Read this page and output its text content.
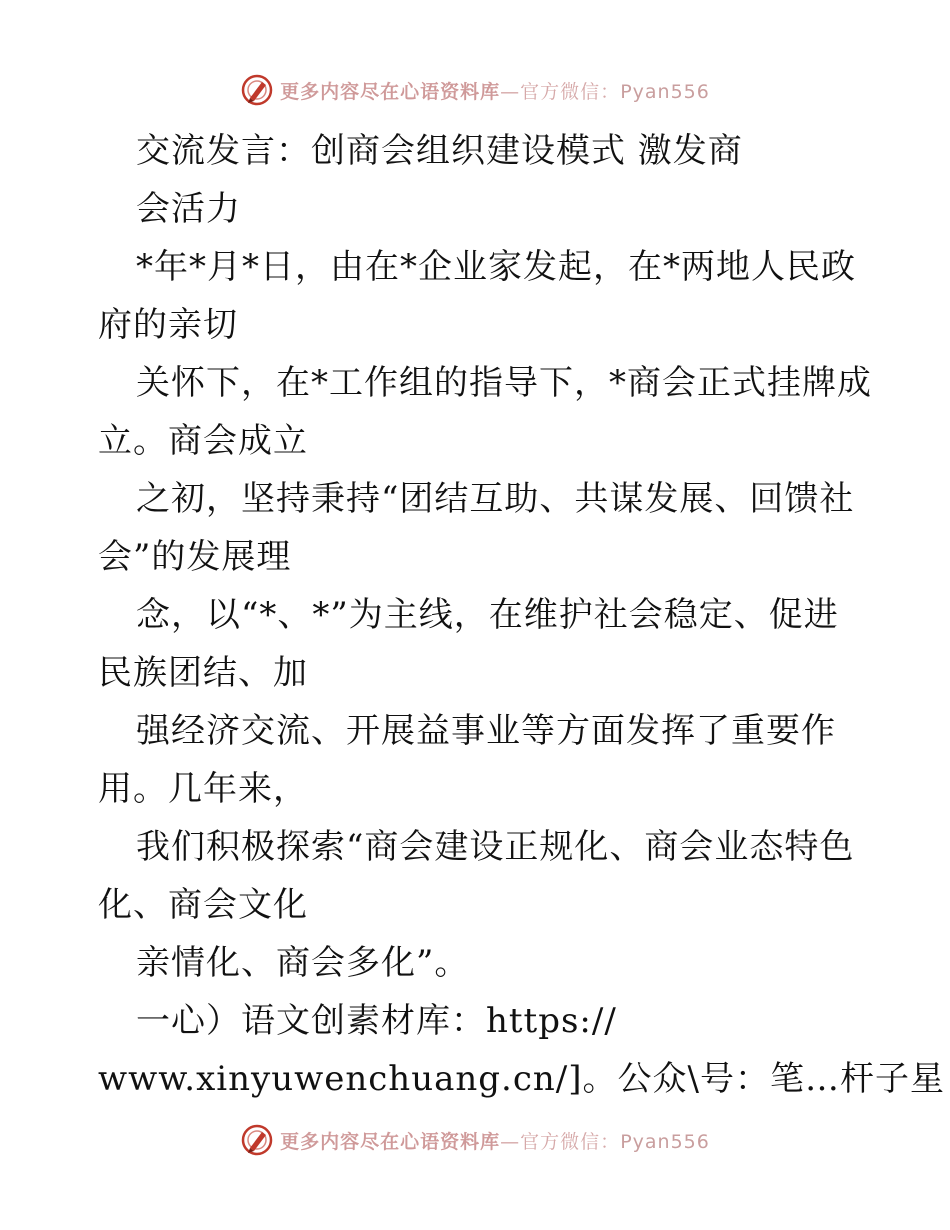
更多内容尽在心语资料库—官方微信：Pyan556
交流发言：创商会组织建设模式 激发商
会活力
*年*月*日，由在*企业家发起，在*两地人民政
府的亲切
关怀下，在*工作组的指导下，*商会正式挂牌成
立。商会成立
之初，坚持秉持“团结互助、共谋发展、回馈社
会”的发展理
念，以“*、*”为主线，在维护社会稳定、促进
民族团结、加
强经济交流、开展益事业等方面发挥了重要作
用。几年来，
我们积极探索“商会建设正规化、商会业态特色
化、商会文化
亲情化、商会多化”。
一心）语文创素材库：https://
www.xinyuwenchuang.cn/]。公众\号：笔…杆子星
更多内容尽在心语资料库—官方微信：Pyan556
